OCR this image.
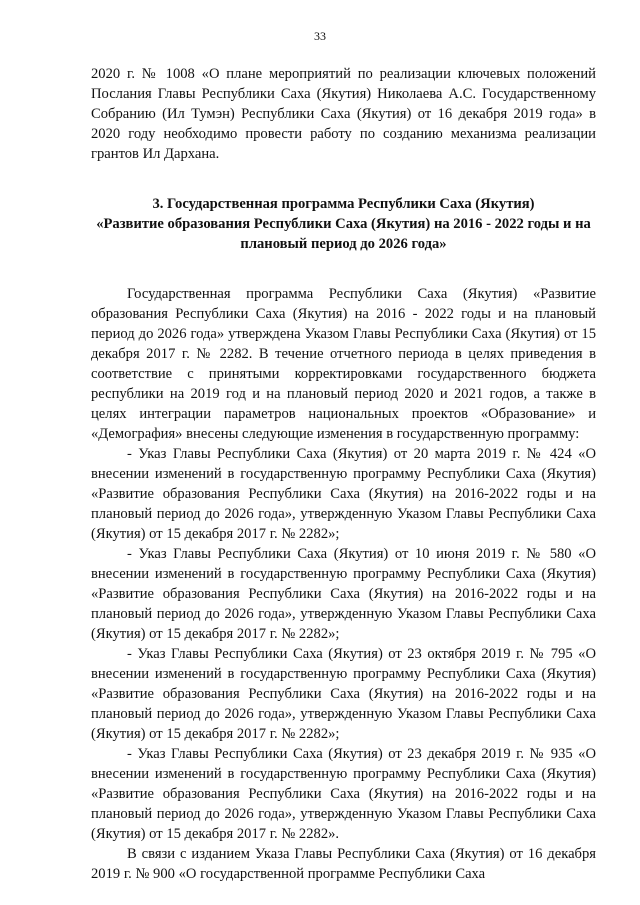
33

2020 г. № 1008 «О плане мероприятий по реализации ключевых положений Послания Главы Республики Саха (Якутия) Николаева А.С. Государственному Собранию (Ил Тумэн) Республики Саха (Якутия) от 16 декабря 2019 года» в 2020 году необходимо провести работу по созданию механизма реализации грантов Ил Дархана.

3. Государственная программа Республики Саха (Якутия)
«Развитие образования Республики Саха (Якутия) на 2016 - 2022 годы и на плановый период до 2026 года»

Государственная программа Республики Саха (Якутия) «Развитие образования Республики Саха (Якутия) на 2016 - 2022 годы и на плановый период до 2026 года» утверждена Указом Главы Республики Саха (Якутия) от 15 декабря 2017 г. № 2282. В течение отчетного периода в целях приведения в соответствие с принятыми корректировками государственного бюджета республики на 2019 год и на плановый период 2020 и 2021 годов, а также в целях интеграции параметров национальных проектов «Образование» и «Демография» внесены следующие изменения в государственную программу:

- Указ Главы Республики Саха (Якутия) от 20 марта 2019 г. № 424 «О внесении изменений в государственную программу Республики Саха (Якутия) «Развитие образования Республики Саха (Якутия) на 2016-2022 годы и на плановый период до 2026 года», утвержденную Указом Главы Республики Саха (Якутия) от 15 декабря 2017 г. № 2282»;

- Указ Главы Республики Саха (Якутия) от 10 июня 2019 г. № 580 «О внесении изменений в государственную программу Республики Саха (Якутия) «Развитие образования Республики Саха (Якутия) на 2016-2022 годы и на плановый период до 2026 года», утвержденную Указом Главы Республики Саха (Якутия) от 15 декабря 2017 г. № 2282»;

- Указ Главы Республики Саха (Якутия) от 23 октября 2019 г. № 795 «О внесении изменений в государственную программу Республики Саха (Якутия) «Развитие образования Республики Саха (Якутия) на 2016-2022 годы и на плановый период до 2026 года», утвержденную Указом Главы Республики Саха (Якутия) от 15 декабря 2017 г. № 2282»;

- Указ Главы Республики Саха (Якутия) от 23 декабря 2019 г. № 935 «О внесении изменений в государственную программу Республики Саха (Якутия) «Развитие образования Республики Саха (Якутия) на 2016-2022 годы и на плановый период до 2026 года», утвержденную Указом Главы Республики Саха (Якутия) от 15 декабря 2017 г. № 2282».

В связи с изданием Указа Главы Республики Саха (Якутия) от 16 декабря 2019 г. № 900 «О государственной программе Республики Саха
